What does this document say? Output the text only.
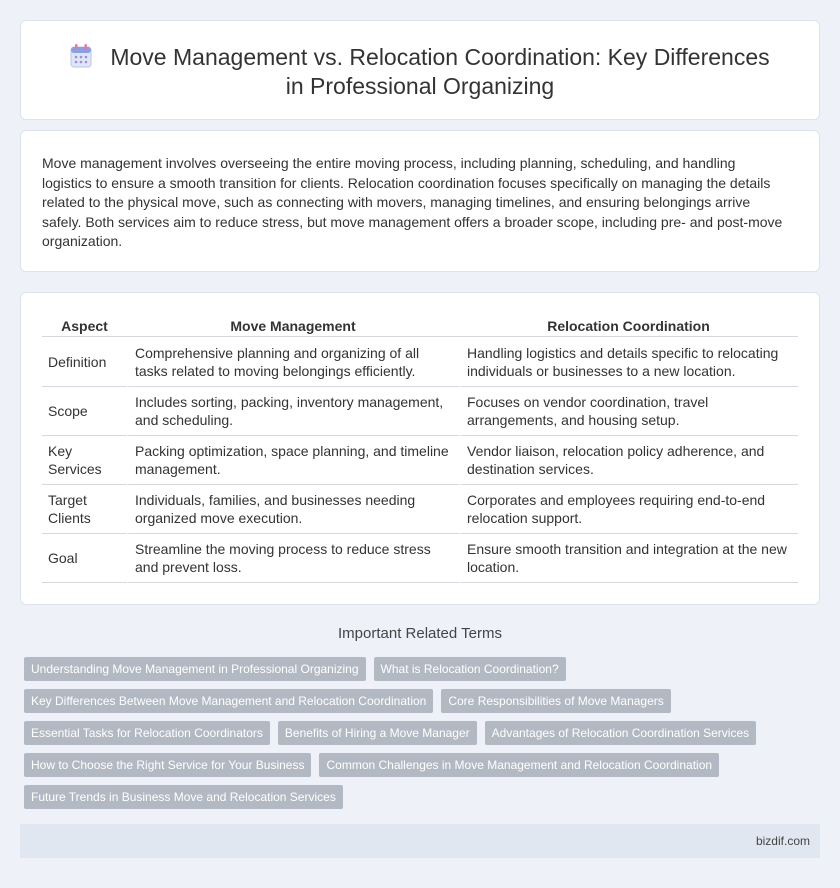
Move Management vs. Relocation Coordination: Key Differences
in Professional Organizing

Move management involves overseeing the entire moving process, including planning, scheduling, and handling logistics to ensure a smooth transition for clients. Relocation coordination focuses specifically on managing the details related to the physical move, such as connecting with movers, managing timelines, and ensuring belongings arrive safely. Both services aim to reduce stress, but move management offers a broader scope, including pre- and post-move organization.

Aspect	Move Management	Relocation Coordination
Definition	Comprehensive planning and organizing of all tasks related to moving belongings efficiently.	Handling logistics and details specific to relocating individuals or businesses to a new location.
Scope	Includes sorting, packing, inventory management, and scheduling.	Focuses on vendor coordination, travel arrangements, and housing setup.
Key Services	Packing optimization, space planning, and timeline management.	Vendor liaison, relocation policy adherence, and destination services.
Target Clients	Individuals, families, and businesses needing organized move execution.	Corporates and employees requiring end-to-end relocation support.
Goal	Streamline the moving process to reduce stress and prevent loss.	Ensure smooth transition and integration at the new location.
Important Related Terms
Understanding Move Management in Professional Organizing	What is Relocation Coordination?
Key Differences Between Move Management and Relocation Coordination	Core Responsibilities of Move Managers
Essential Tasks for Relocation Coordinators	Benefits of Hiring a Move Manager	Advantages of Relocation Coordination Services
How to Choose the Right Service for Your Business	Common Challenges in Move Management and Relocation Coordination
Future Trends in Business Move and Relocation Services
bizdif.com
